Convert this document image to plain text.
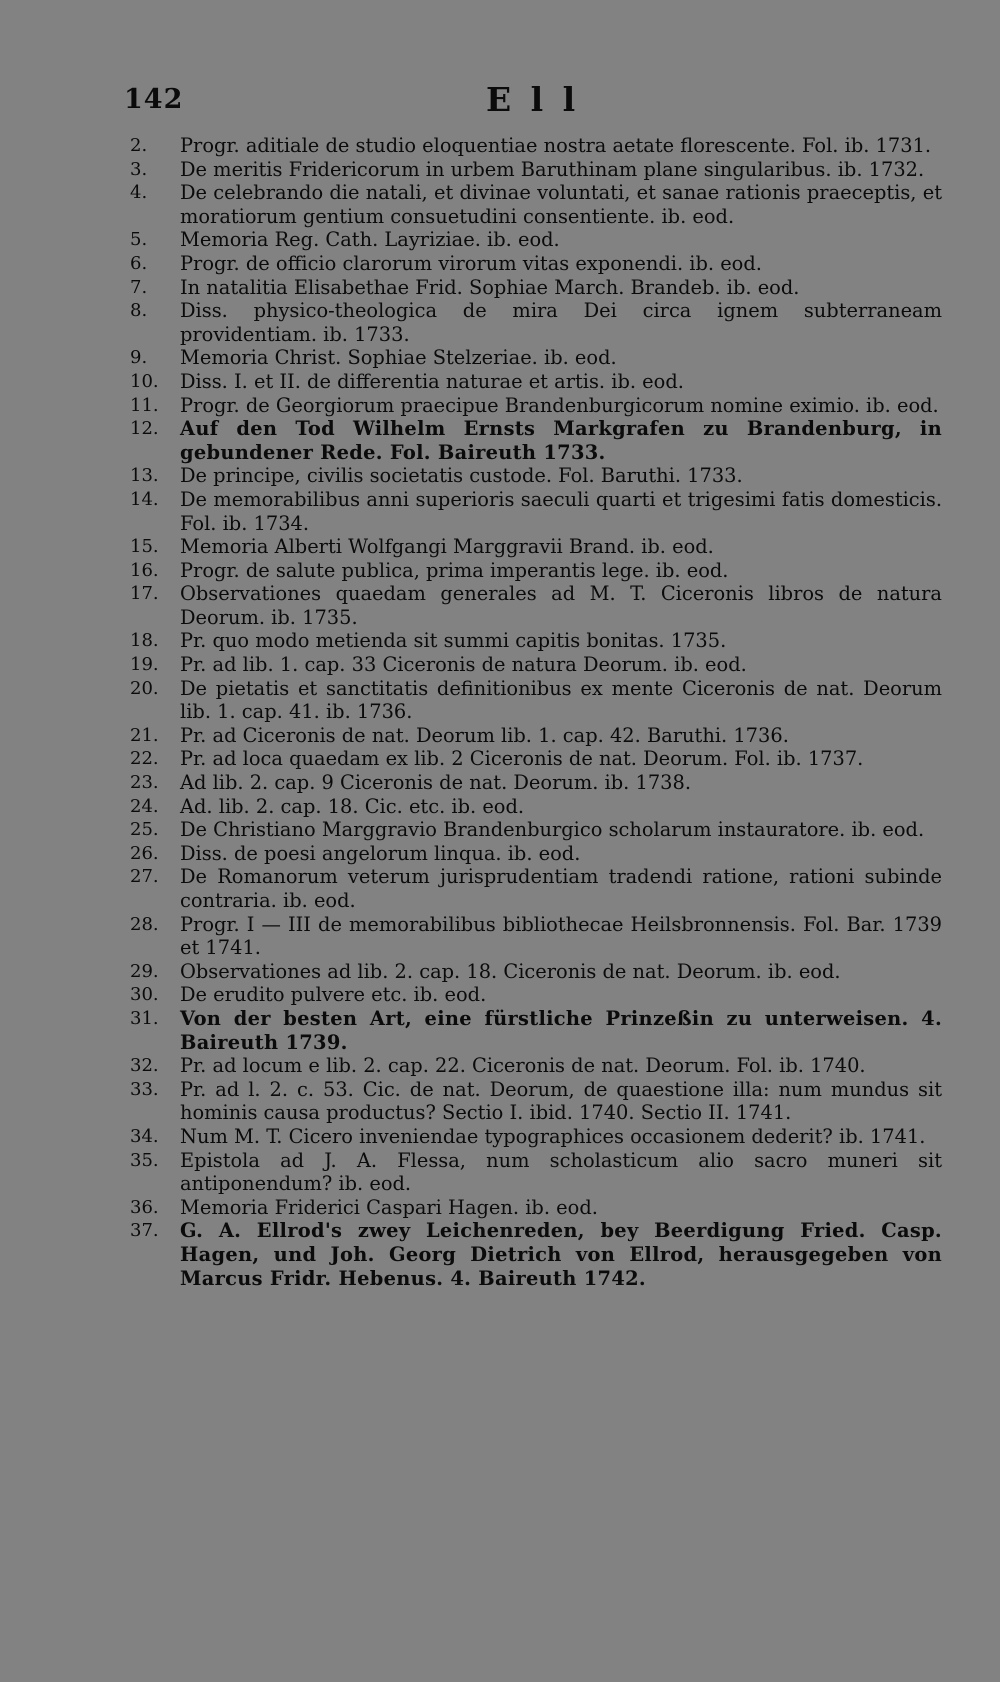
142	E l l
2.	Progr. aditiale de studio eloquentiae nostra aetate florescente. Fol. ib. 1731.
3.	De meritis Fridericorum in urbem Baruthinam plane singularibus. ib. 1732.
4.	De celebrando die natali, et divinae voluntati, et sanae rationis praeceptis, et moratiorum gentium consuetudini consentiente. ib. eod.
5.	Memoria Reg. Cath. Layriziae. ib. eod.
6.	Progr. de officio clarorum virorum vitas exponendi. ib. eod.
7.	In natalitia Elisabethae Frid. Sophiae March. Brandeb. ib. eod.
8.	Diss. physico-theologica de mira Dei circa ignem subterraneam providentiam. ib. 1733.
9.	Memoria Christ. Sophiae Stelzeriae. ib. eod.
10.	Diss. I. et II. de differentia naturae et artis. ib. eod.
11.	Progr. de Georgiorum praecipue Brandenburgicorum nomine eximio. ib. eod.
12.	Auf den Tod Wilhelm Ernsts Markgrafen zu Brandenburg, in gebundener Rede. Fol. Baireuth 1733.
13.	De principe, civilis societatis custode. Fol. Baruthi. 1733.
14.	De memorabilibus anni superioris saeculi quarti et trigesimi fatis domesticis. Fol. ib. 1734.
15.	Memoria Alberti Wolfgangi Marggravii Brand. ib. eod.
16.	Progr. de salute publica, prima imperantis lege. ib. eod.
17.	Observationes quaedam generales ad M. T. Ciceronis libros de natura Deorum. ib. 1735.
18.	Pr. quo modo metienda sit summi capitis bonitas. 1735.
19.	Pr. ad lib. 1. cap. 33 Ciceronis de natura Deorum. ib. eod.
20.	De pietatis et sanctitatis definitionibus ex mente Ciceronis de nat. Deorum lib. 1. cap. 41. ib. 1736.
21.	Pr. ad Ciceronis de nat. Deorum lib. 1. cap. 42. Baruthi. 1736.
22.	Pr. ad loca quaedam ex lib. 2 Ciceronis de nat. Deorum. Fol. ib. 1737.
23.	Ad lib. 2. cap. 9 Ciceronis de nat. Deorum. ib. 1738.
24.	Ad. lib. 2. cap. 18. Cic. etc. ib. eod.
25.	De Christiano Marggravio Brandenburgico scholarum instauratore. ib. eod.
26.	Diss. de poesi angelorum linqua. ib. eod.
27.	De Romanorum veterum jurisprudentiam tradendi ratione, rationi subinde contraria. ib. eod.
28.	Progr. I — III de memorabilibus bibliothecae Heilsbronnensis. Fol. Bar. 1739 et 1741.
29.	Observationes ad lib. 2. cap. 18. Ciceronis de nat. Deorum. ib. eod.
30.	De erudito pulvere etc. ib. eod.
31.	Von der besten Art, eine fürstliche Prinzeßin zu unterweisen. 4. Baireuth 1739.
32.	Pr. ad locum e lib. 2. cap. 22. Ciceronis de nat. Deorum. Fol. ib. 1740.
33.	Pr. ad l. 2. c. 53. Cic. de nat. Deorum, de quaestione illa: num mundus sit hominis causa productus? Sectio I. ibid. 1740. Sectio II. 1741.
34.	Num M. T. Cicero inveniendae typographices occasionem dederit? ib. 1741.
35.	Epistola ad J. A. Flessa, num scholasticum alio sacro muneri sit antiponendum? ib. eod.
36.	Memoria Friderici Caspari Hagen. ib. eod.
37.	G. A. Ellrod's zwey Leichenreden, bey Beerdigung Fried. Casp. Hagen, und Joh. Georg Dietrich von Ellrod, herausgegeben von Marcus Fridr. Hebenus. 4. Baireuth 1742.
